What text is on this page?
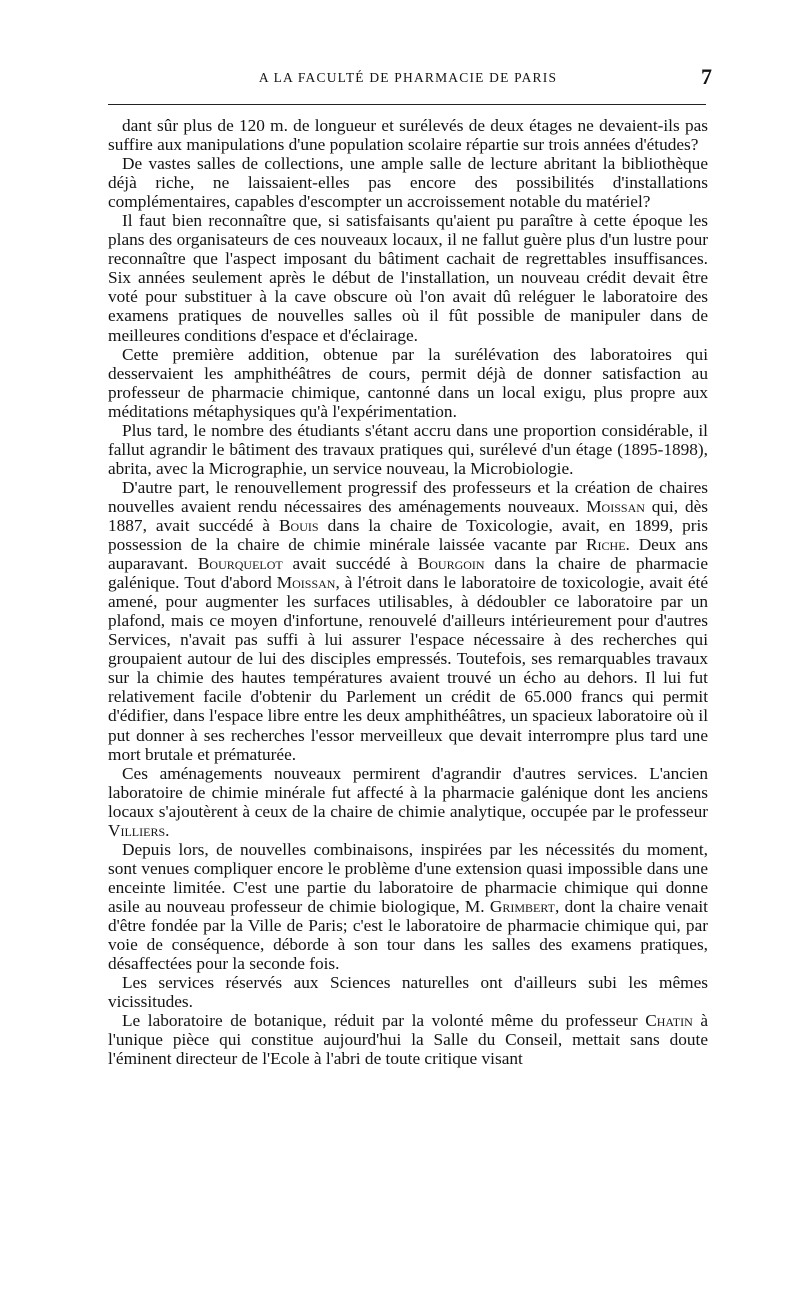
A LA FACULTÉ DE PHARMACIE DE PARIS	7

dant sûr plus de 120 m. de longueur et surélevés de deux étages ne devaient-ils pas suffire aux manipulations d'une population scolaire répartie sur trois années d'études?

De vastes salles de collections, une ample salle de lecture abritant la bibliothèque déjà riche, ne laissaient-elles pas encore des possibilités d'installations complémentaires, capables d'escompter un accroissement notable du matériel?

Il faut bien reconnaître que, si satisfaisants qu'aient pu paraître à cette époque les plans des organisateurs de ces nouveaux locaux, il ne fallut guère plus d'un lustre pour reconnaître que l'aspect imposant du bâtiment cachait de regrettables insuffisances. Six années seulement après le début de l'installation, un nouveau crédit devait être voté pour substituer à la cave obscure où l'on avait dû reléguer le laboratoire des examens pratiques de nouvelles salles où il fût possible de manipuler dans de meilleures conditions d'espace et d'éclairage.

Cette première addition, obtenue par la surélévation des laboratoires qui desservaient les amphithéâtres de cours, permit déjà de donner satisfaction au professeur de pharmacie chimique, cantonné dans un local exigu, plus propre aux méditations métaphysiques qu'à l'expérimentation.

Plus tard, le nombre des étudiants s'étant accru dans une proportion considérable, il fallut agrandir le bâtiment des travaux pratiques qui, surélevé d'un étage (1895-1898), abrita, avec la Micrographie, un service nouveau, la Microbiologie.

D'autre part, le renouvellement progressif des professeurs et la création de chaires nouvelles avaient rendu nécessaires des aménagements nouveaux. Moissan qui, dès 1887, avait succédé à Bouis dans la chaire de Toxicologie, avait, en 1899, pris possession de la chaire de chimie minérale laissée vacante par Riche. Deux ans auparavant. Bourquelot avait succédé à Bourgoin dans la chaire de pharmacie galénique. Tout d'abord Moissan, à l'étroit dans le laboratoire de toxicologie, avait été amené, pour augmenter les surfaces utilisables, à dédoubler ce laboratoire par un plafond, mais ce moyen d'infortune, renouvelé d'ailleurs intérieurement pour d'autres Services, n'avait pas suffi à lui assurer l'espace nécessaire à des recherches qui groupaient autour de lui des disciples empressés. Toutefois, ses remarquables travaux sur la chimie des hautes températures avaient trouvé un écho au dehors. Il lui fut relativement facile d'obtenir du Parlement un crédit de 65.000 francs qui permit d'édifier, dans l'espace libre entre les deux amphithéâtres, un spacieux laboratoire où il put donner à ses recherches l'essor merveilleux que devait interrompre plus tard une mort brutale et prématurée.

Ces aménagements nouveaux permirent d'agrandir d'autres services. L'ancien laboratoire de chimie minérale fut affecté à la pharmacie galénique dont les anciens locaux s'ajoutèrent à ceux de la chaire de chimie analytique, occupée par le professeur Villiers.

Depuis lors, de nouvelles combinaisons, inspirées par les nécessités du moment, sont venues compliquer encore le problème d'une extension quasi impossible dans une enceinte limitée. C'est une partie du laboratoire de pharmacie chimique qui donne asile au nouveau professeur de chimie biologique, M. Grimbert, dont la chaire venait d'être fondée par la Ville de Paris; c'est le laboratoire de pharmacie chimique qui, par voie de conséquence, déborde à son tour dans les salles des examens pratiques, désaffectées pour la seconde fois.

Les services réservés aux Sciences naturelles ont d'ailleurs subi les mêmes vicissitudes.

Le laboratoire de botanique, réduit par la volonté même du professeur Chatin à l'unique pièce qui constitue aujourd'hui la Salle du Conseil, mettait sans doute l'éminent directeur de l'Ecole à l'abri de toute critique visant
